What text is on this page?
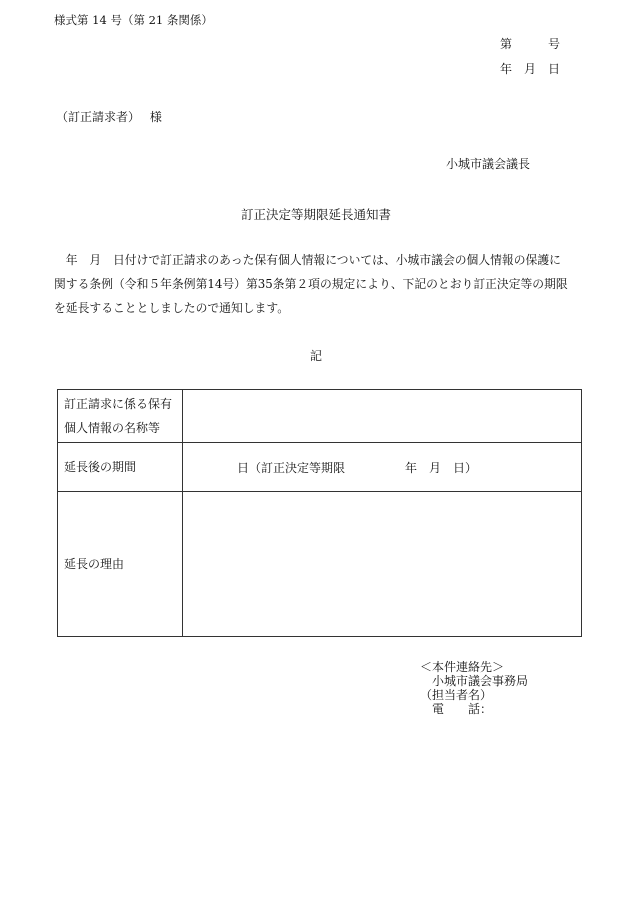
様式第 14 号（第 21 条関係）
第　　　号
年　月　日
（訂正請求者）　 様
小城市議会議長
訂正決定等期限延長通知書
　年　月　日付けで訂正請求のあった保有個人情報については、小城市議会の個人情報の保護に
関する条例（令和５年条例第14号）第35条第２項の規定により、下記のとおり訂正決定等の期限
を延長することとしましたので通知します。
記
訂正請求に係る保有個人情報の名称等	
延長後の期間	　　　　日（訂正決定等期限　　　　　年　月　日）
延長の理由	
＜本件連絡先＞
　小城市議会事務局
（担当者名）
　電　　話：
